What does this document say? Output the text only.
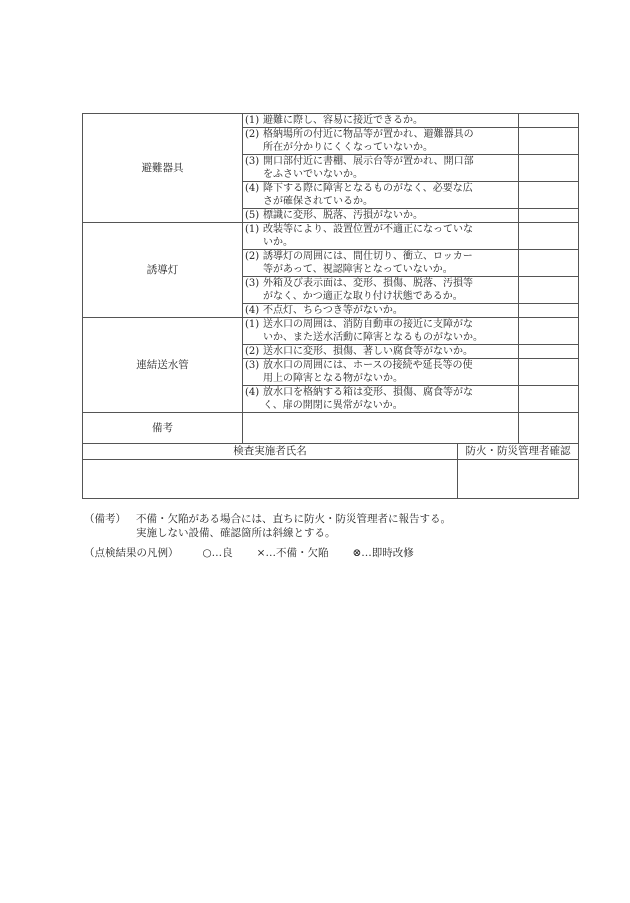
避難器具	(1) 避難に際し、容易に接近できるか。		

	(2) 格納場所の付近に物品等が置かれ、避難器具の
所在が分かりにくくなっていないか。		

	(3) 開口部付近に書棚、展示台等が置かれ、開口部
をふさいでいないか。		

	(4) 降下する際に障害となるものがなく、必要な広
さが確保されているか。		

	(5) 標識に変形、脱落、汚損がないか。		

誘導灯	(1) 改装等により、設置位置が不適正になっていな
いか。		

	(2) 誘導灯の周囲には、間仕切り、衝立、ロッカー
等があって、視認障害となっていないか。		

	(3) 外箱及び表示面は、変形、損傷、脱落、汚損等
がなく、かつ適正な取り付け状態であるか。		

	(4) 不点灯、ちらつき等がないか。		

連結送水管	(1) 送水口の周囲は、消防自動車の接近に支障がな
いか、また送水活動に障害となるものがないか。		

	(2) 送水口に変形、損傷、著しい腐食等がないか。		

	(3) 放水口の周囲には、ホースの接続や延長等の使
用上の障害となる物がないか。		

	(4) 放水口を格納する箱は変形、損傷、腐食等がな
く、扉の開閉に異常がないか。		

備考			
検査実施者氏名		防火・防災管理者確認	

（備考） 不備・欠陥がある場合には、直ちに防火・防災管理者に報告する。
実施しない設備、確認箇所は斜線とする。
（点検結果の凡例） ○…良 ×…不備・欠陥 ⊗…即時改修
